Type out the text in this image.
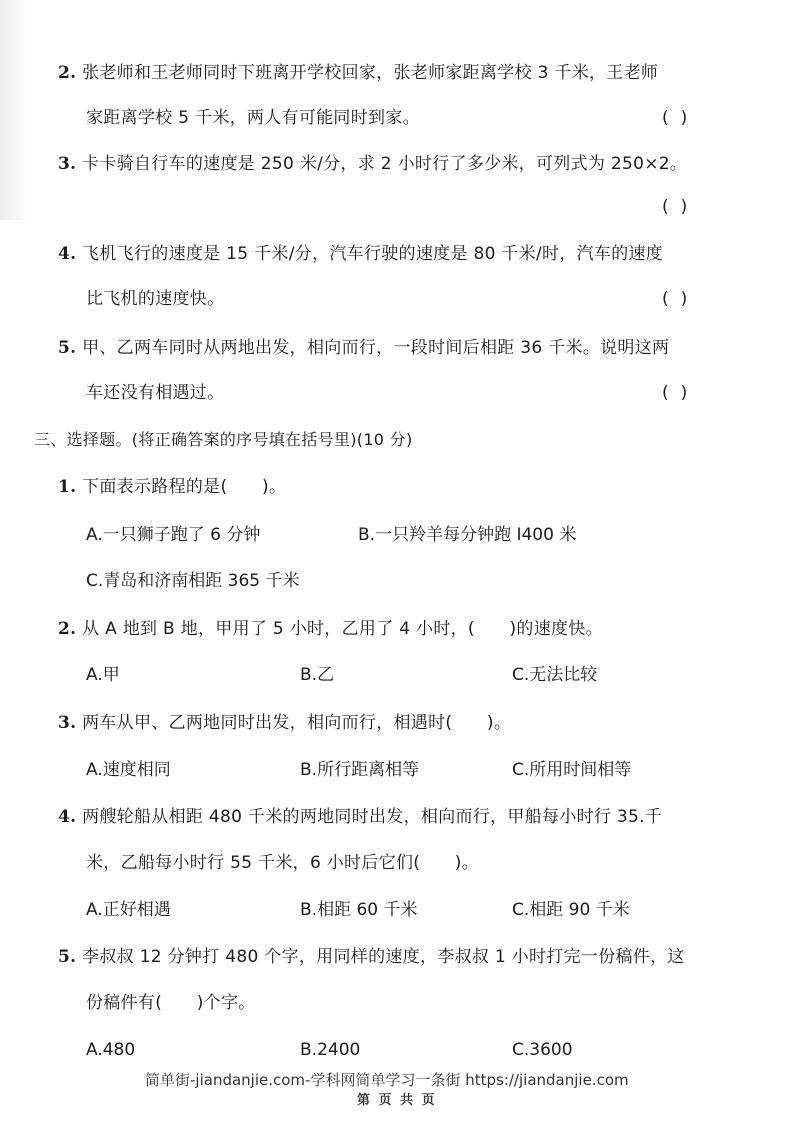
2. 张老师和王老师同时下班离开学校回家，张老师家距离学校 3 千米，王老师
家距离学校 5 千米，两人有可能同时到家。	()
3. 卡卡骑自行车的速度是 250 米/分，求 2 小时行了多少米，可列式为 250×2。
()
4. 飞机飞行的速度是 15 千米/分，汽车行驶的速度是 80 千米/时，汽车的速度
比飞机的速度快。	()
5. 甲、乙两车同时从两地出发，相向而行，一段时间后相距 36 千米。说明这两
车还没有相遇过。	()
三、选择题。(将正确答案的序号填在括号里)(10 分)
1. 下面表示路程的是(　　)。
A.一只狮子跑了 6 分钟	B.一只羚羊每分钟跑 I400 米
C.青岛和济南相距 365 千米
2. 从 A 地到 B 地，甲用了 5 小时，乙用了 4 小时，(　　)的速度快。
A.甲	B.乙	C.无法比较
3. 两车从甲、乙两地同时出发，相向而行，相遇时(　　)。
A.速度相同	B.所行距离相等	C.所用时间相等
4. 两艘轮船从相距 480 千米的两地同时出发，相向而行，甲船每小时行 35.千
米，乙船每小时行 55 千米，6 小时后它们(　　)。
A.正好相遇	B.相距 60 千米	C.相距 90 千米
5. 李叔叔 12 分钟打 480 个字，用同样的速度，李叔叔 1 小时打完一份稿件，这
份稿件有(　　)个字。
A.480	B.2400	C.3600
简单街-jiandanjie.com-学科网简单学习一条街 https://jiandanjie.com
第 页 共 页
